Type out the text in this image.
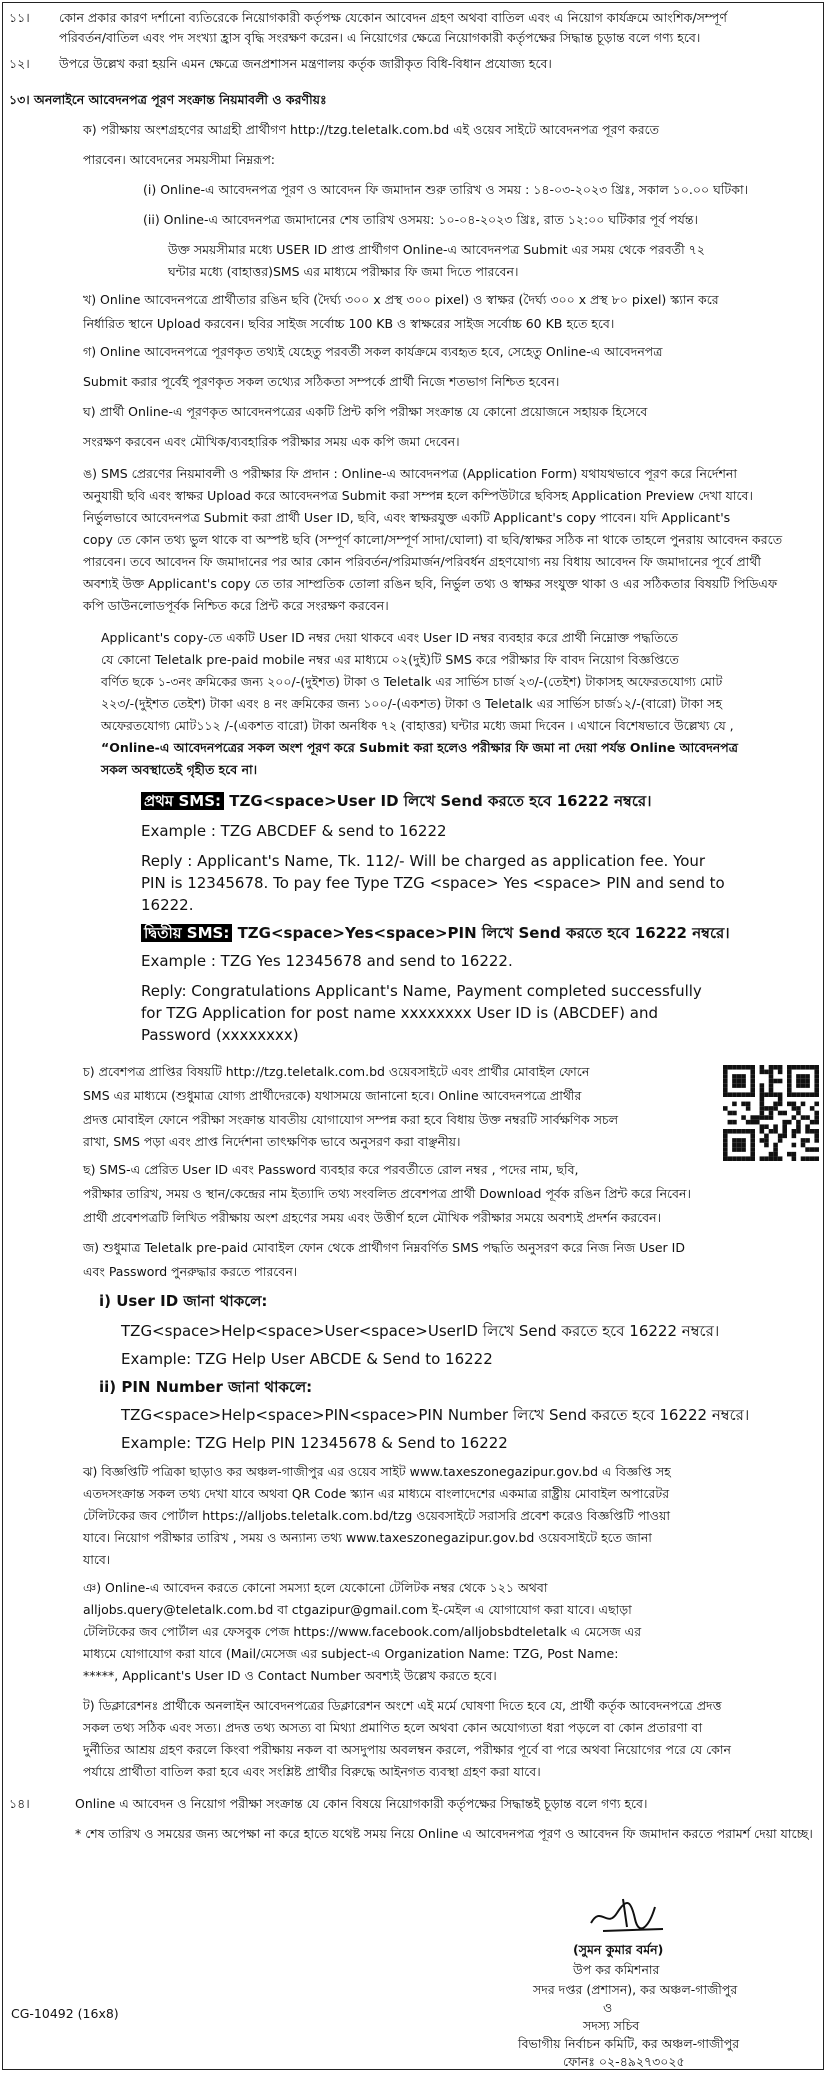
১১। কোন প্রকার কারণ দর্শানো ব্যতিরেকে নিয়োগকারী কর্তৃপক্ষ যেকোন আবেদন গ্রহণ অথবা বাতিল এবং এ নিয়োগ কার্যক্রমে আংশিক/সম্পূর্ণ
পরিবর্তন/বাতিল এবং পদ সংখ্যা হ্রাস বৃদ্ধি সংরক্ষণ করেন। এ নিয়োগের ক্ষেত্রে নিয়োগকারী কর্তৃপক্ষের সিদ্ধান্ত চূড়ান্ত বলে গণ্য হবে।
১২। উপরে উল্লেখ করা হয়নি এমন ক্ষেত্রে জনপ্রশাসন মন্ত্রণালয় কর্তৃক জারীকৃত বিধি-বিধান প্রযোজ্য হবে।
১৩। অনলাইনে আবেদনপত্র পূরণ সংক্রান্ত নিয়মাবলী ও করণীয়ঃ
ক) পরীক্ষায় অংশগ্রহণের আগ্রহী প্রার্থীগণ http://tzg.teletalk.com.bd এই ওয়েব সাইটে আবেদনপত্র পূরণ করতে
পারবেন। আবেদনের সময়সীমা নিম্নরূপ:
(i) Online-এ আবেদনপত্র পূরণ ও আবেদন ফি জমাদান শুরু তারিখ ও সময় : ১৪-০৩-২০২৩ খ্রিঃ, সকাল ১০.০০ ঘটিকা।
(ii) Online-এ আবেদনপত্র জমাদানের শেষ তারিখ ওসময়: ১০-০৪-২০২৩ খ্রিঃ, রাত ১২:০০ ঘটিকার পূর্ব পর্যন্ত।
উক্ত সময়সীমার মধ্যে USER ID প্রাপ্ত প্রার্থীগণ Online-এ আবেদনপত্র Submit এর সময় থেকে পরবর্তী ৭২
ঘন্টার মধ্যে (বাহাত্তর)SMS এর মাধ্যমে পরীক্ষার ফি জমা দিতে পারবেন।
খ) Online আবেদনপত্রে প্রার্থীতার রঙিন ছবি (দৈর্ঘ্য ৩০০ x প্রস্থ ৩০০ pixel) ও স্বাক্ষর (দৈর্ঘ্য ৩০০ x প্রস্থ ৮০ pixel) স্ক্যান করে
নির্ধারিত স্থানে Upload করবেন। ছবির সাইজ সর্বোচ্চ 100 KB ও স্বাক্ষরের সাইজ সর্বোচ্চ 60 KB হতে হবে।
গ) Online আবেদনপত্রে পূরণকৃত তথ্যই যেহেতু পরবর্তী সকল কার্যক্রমে ব্যবহৃত হবে, সেহেতু Online-এ আবেদনপত্র
Submit করার পূর্বেই পূরণকৃত সকল তথ্যের সঠিকতা সম্পর্কে প্রার্থী নিজে শতভাগ নিশ্চিত হবেন।
ঘ) প্রার্থী Online-এ পূরণকৃত আবেদনপত্রের একটি প্রিন্ট কপি পরীক্ষা সংক্রান্ত যে কোনো প্রয়োজনে সহায়ক হিসেবে
সংরক্ষণ করবেন এবং মৌখিক/ব্যবহারিক পরীক্ষার সময় এক কপি জমা দেবেন।
ঙ) SMS প্রেরণের নিয়মাবলী ও পরীক্ষার ফি প্রদান : Online-এ আবেদনপত্র (Application Form) যথাযথভাবে পূরণ করে নির্দেশনা
অনুযায়ী ছবি এবং স্বাক্ষর Upload করে আবেদনপত্র Submit করা সম্পন্ন হলে কম্পিউটারে ছবিসহ Application Preview দেখা যাবে।
নির্ভুলভাবে আবেদনপত্র Submit করা প্রার্থী User ID, ছবি, এবং স্বাক্ষরযুক্ত একটি Applicant's copy পাবেন। যদি Applicant's
copy তে কোন তথ্য ভুল থাকে বা অস্পষ্ট ছবি (সম্পূর্ণ কালো/সম্পূর্ণ সাদা/ঘোলা) বা ছবি/স্বাক্ষর সঠিক না থাকে তাহলে পুনরায় আবেদন করতে
পারবেন। তবে আবেদন ফি জমাদানের পর আর কোন পরিবর্তন/পরিমার্জন/পরিবর্ধন গ্রহণযোগ্য নয় বিধায় আবেদন ফি জমাদানের পূর্বে প্রার্থী
অবশ্যই উক্ত Applicant's copy তে তার সাম্প্রতিক তোলা রঙিন ছবি, নির্ভুল তথ্য ও স্বাক্ষর সংযুক্ত থাকা ও এর সঠিকতার বিষয়টি পিডিএফ
কপি ডাউনলোডপূর্বক নিশ্চিত করে প্রিন্ট করে সংরক্ষণ করবেন।
Applicant's copy-তে একটি User ID নম্বর দেয়া থাকবে এবং User ID নম্বর ব্যবহার করে প্রার্থী নিম্নোক্ত পদ্ধতিতে
যে কোনো Teletalk pre-paid mobile নম্বর এর মাধ্যমে ০২(দুই)টি SMS করে পরীক্ষার ফি বাবদ নিয়োগ বিজ্ঞপ্তিতে
বর্ণিত ছকে ১-৩নং ক্রমিকের জন্য ২০০/-(দুইশত) টাকা ও Teletalk এর সার্ভিস চার্জ ২৩/-(তেইশ) টাকাসহ অফেরতযোগ্য মোট
২২৩/-(দুইশত তেইশ) টাকা এবং ৪ নং ক্রমিকের জন্য ১০০/-(একশত) টাকা ও Teletalk এর সার্ভিস চার্জ১২/-(বারো) টাকা সহ
অফেরতযোগ্য মোট১১২ /-(একশত বারো) টাকা অনধিক ৭২ (বাহাত্তর) ঘন্টার মধ্যে জমা দিবেন । এখানে বিশেষভাবে উল্লেখ্য যে ,
“Online-এ আবেদনপত্রের সকল অংশ পূরণ করে Submit করা হলেও পরীক্ষার ফি জমা না দেয়া পর্যন্ত Online আবেদনপত্র
সকল অবস্থাতেই গৃহীত হবে না।
প্রথম SMS: TZG<space>User ID লিখে Send করতে হবে 16222 নম্বরে।
Example : TZG ABCDEF & send to 16222
Reply : Applicant's Name, Tk. 112/- Will be charged as application fee. Your
PIN is 12345678. To pay fee Type TZG <space> Yes <space> PIN and send to
16222.
দ্বিতীয় SMS: TZG<space>Yes<space>PIN লিখে Send করতে হবে 16222 নম্বরে।
Example : TZG Yes 12345678 and send to 16222.
Reply: Congratulations Applicant's Name, Payment completed successfully
for TZG Application for post name xxxxxxxx User ID is (ABCDEF) and
Password (xxxxxxxx)
চ) প্রবেশপত্র প্রাপ্তির বিষয়টি http://tzg.teletalk.com.bd ওয়েবসাইটে এবং প্রার্থীর মোবাইল ফোনে
SMS এর মাধ্যমে (শুধুমাত্র যোগ্য প্রার্থীদেরকে) যথাসময়ে জানানো হবে। Online আবেদনপত্রে প্রার্থীর
প্রদত্ত মোবাইল ফোনে পরীক্ষা সংক্রান্ত যাবতীয় যোগাযোগ সম্পন্ন করা হবে বিধায় উক্ত নম্বরটি সার্বক্ষণিক সচল
রাখা, SMS পড়া এবং প্রাপ্ত নির্দেশনা তাৎক্ষণিক ভাবে অনুসরণ করা বাঞ্ছনীয়।
ছ) SMS-এ প্রেরিত User ID এবং Password ব্যবহার করে পরবর্তীতে রোল নম্বর , পদের নাম, ছবি,
পরীক্ষার তারিখ, সময় ও স্থান/কেন্দ্রের নাম ইত্যাদি তথ্য সংবলিত প্রবেশপত্র প্রার্থী Download পূর্বক রঙিন প্রিন্ট করে নিবেন।
প্রার্থী প্রবেশপত্রটি লিখিত পরীক্ষায় অংশ গ্রহণের সময় এবং উত্তীর্ণ হলে মৌখিক পরীক্ষার সময়ে অবশ্যই প্রদর্শন করবেন।
জ) শুধুমাত্র Teletalk pre-paid মোবাইল ফোন থেকে প্রার্থীগণ নিম্নবর্ণিত SMS পদ্ধতি অনুসরণ করে নিজ নিজ User ID
এবং Password পুনরুদ্ধার করতে পারবেন।
i) User ID জানা থাকলে:
TZG<space>Help<space>User<space>UserID লিখে Send করতে হবে 16222 নম্বরে।
Example: TZG Help User ABCDE & Send to 16222
ii) PIN Number জানা থাকলে:
TZG<space>Help<space>PIN<space>PIN Number লিখে Send করতে হবে 16222 নম্বরে।
Example: TZG Help PIN 12345678 & Send to 16222
ঝ) বিজ্ঞপ্তিটি পত্রিকা ছাড়াও কর অঞ্চল-গাজীপুর এর ওয়েব সাইট www.taxeszonegazipur.gov.bd এ বিজ্ঞপ্তি সহ
এতদসংক্রান্ত সকল তথ্য দেখা যাবে অথবা QR Code স্ক্যান এর মাধ্যমে বাংলাদেশের একমাত্র রাষ্ট্রীয় মোবাইল অপারেটর
টেলিটকের জব পোর্টাল https://alljobs.teletalk.com.bd/tzg ওয়েবসাইটে সরাসরি প্রবেশ করেও বিজ্ঞপ্তিটি পাওয়া
যাবে। নিয়োগ পরীক্ষার তারিখ , সময় ও অন্যান্য তথ্য www.taxeszonegazipur.gov.bd ওয়েবসাইটে হতে জানা
যাবে।
ঞ) Online-এ আবেদন করতে কোনো সমস্যা হলে যেকোনো টেলিটক নম্বর থেকে ১২১ অথবা
alljobs.query@teletalk.com.bd বা ctgazipur@gmail.com ই-মেইল এ যোগাযোগ করা যাবে। এছাড়া
টেলিটকের জব পোর্টাল এর ফেসবুক পেজ https://www.facebook.com/alljobsbdteletalk এ মেসেজ এর
মাধ্যমে যোগাযোগ করা যাবে (Mail/মেসেজ এর subject-এ Organization Name: TZG, Post Name:
*****, Applicant's User ID ও Contact Number অবশ্যই উল্লেখ করতে হবে।
ট) ডিক্লারেশনঃ প্রার্থীকে অনলাইন আবেদনপত্রের ডিক্লারেশন অংশে এই মর্মে ঘোষণা দিতে হবে যে, প্রার্থী কর্তৃক আবেদনপত্রে প্রদত্ত
সকল তথ্য সঠিক এবং সত্য। প্রদত্ত তথ্য অসত্য বা মিথ্যা প্রমাণিত হলে অথবা কোন অযোগ্যতা ধরা পড়লে বা কোন প্রতারণা বা
দুর্নীতির আশ্রয় গ্রহণ করলে কিংবা পরীক্ষায় নকল বা অসদুপায় অবলম্বন করলে, পরীক্ষার পূর্বে বা পরে অথবা নিয়োগের পরে যে কোন
পর্যায়ে প্রার্থীতা বাতিল করা হবে এবং সংশ্লিষ্ট প্রার্থীর বিরুদ্ধে আইনগত ব্যবস্থা গ্রহণ করা যাবে।
১৪।	Online এ আবেদন ও নিয়োগ পরীক্ষা সংক্রান্ত যে কোন বিষয়ে নিয়োগকারী কর্তৃপক্ষের সিদ্ধান্তই চূড়ান্ত বলে গণ্য হবে।
* শেষ তারিখ ও সময়ের জন্য অপেক্ষা না করে হাতে যথেষ্ট সময় নিয়ে Online এ আবেদনপত্র পূরণ ও আবেদন ফি জমাদান করতে পরামর্শ দেয়া যাচ্ছে।
(সুমন কুমার বর্মন)
উপ কর কমিশনার
সদর দপ্তর (প্রশাসন), কর অঞ্চল-গাজীপুর
ও
সদস্য সচিব
বিভাগীয় নির্বাচন কমিটি, কর অঞ্চল-গাজীপুর
ফোনঃ ০২-৪৯২৭৩০২৫
CG-10492 (16x8)
